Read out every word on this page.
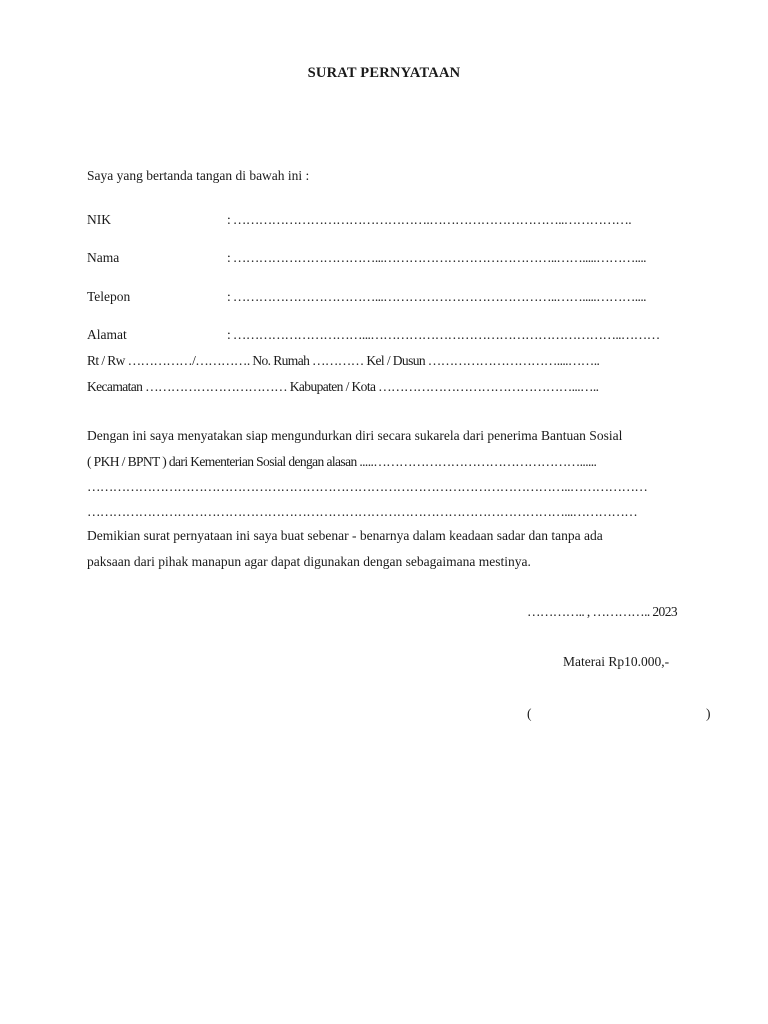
SURAT PERNYATAAN
Saya yang bertanda tangan di bawah ini :
NIK	: ……………………………………….…………………………..…………….
Nama	: ……………………………...…………………………………..…….....………....
Telepon	: ……………………………...…………………………………..…….....………....
Alamat	: …………………………...…………………………………………………..………
Rt / Rw ……………/…………. No. Rumah ………… Kel / Dusun …………………………....……..
Kecamatan …………………………… Kabupaten / Kota ………………………………………...…..
Dengan ini saya menyatakan siap mengundurkan diri secara sukarela dari penerima Bantuan Sosial
( PKH / BPNT ) dari Kementerian Sosial dengan alasan .....…………………………………………......
…………………………………………………………………………………………………..………………
…………………………………………………………………………………………………...……………
Demikian surat pernyataan ini saya buat sebenar - benarnya dalam keadaan sadar dan tanpa ada
paksaan dari pihak manapun agar dapat digunakan dengan sebagaimana mestinya.
………….. , ………….. 2023
Materai Rp10.000,-
(	)
